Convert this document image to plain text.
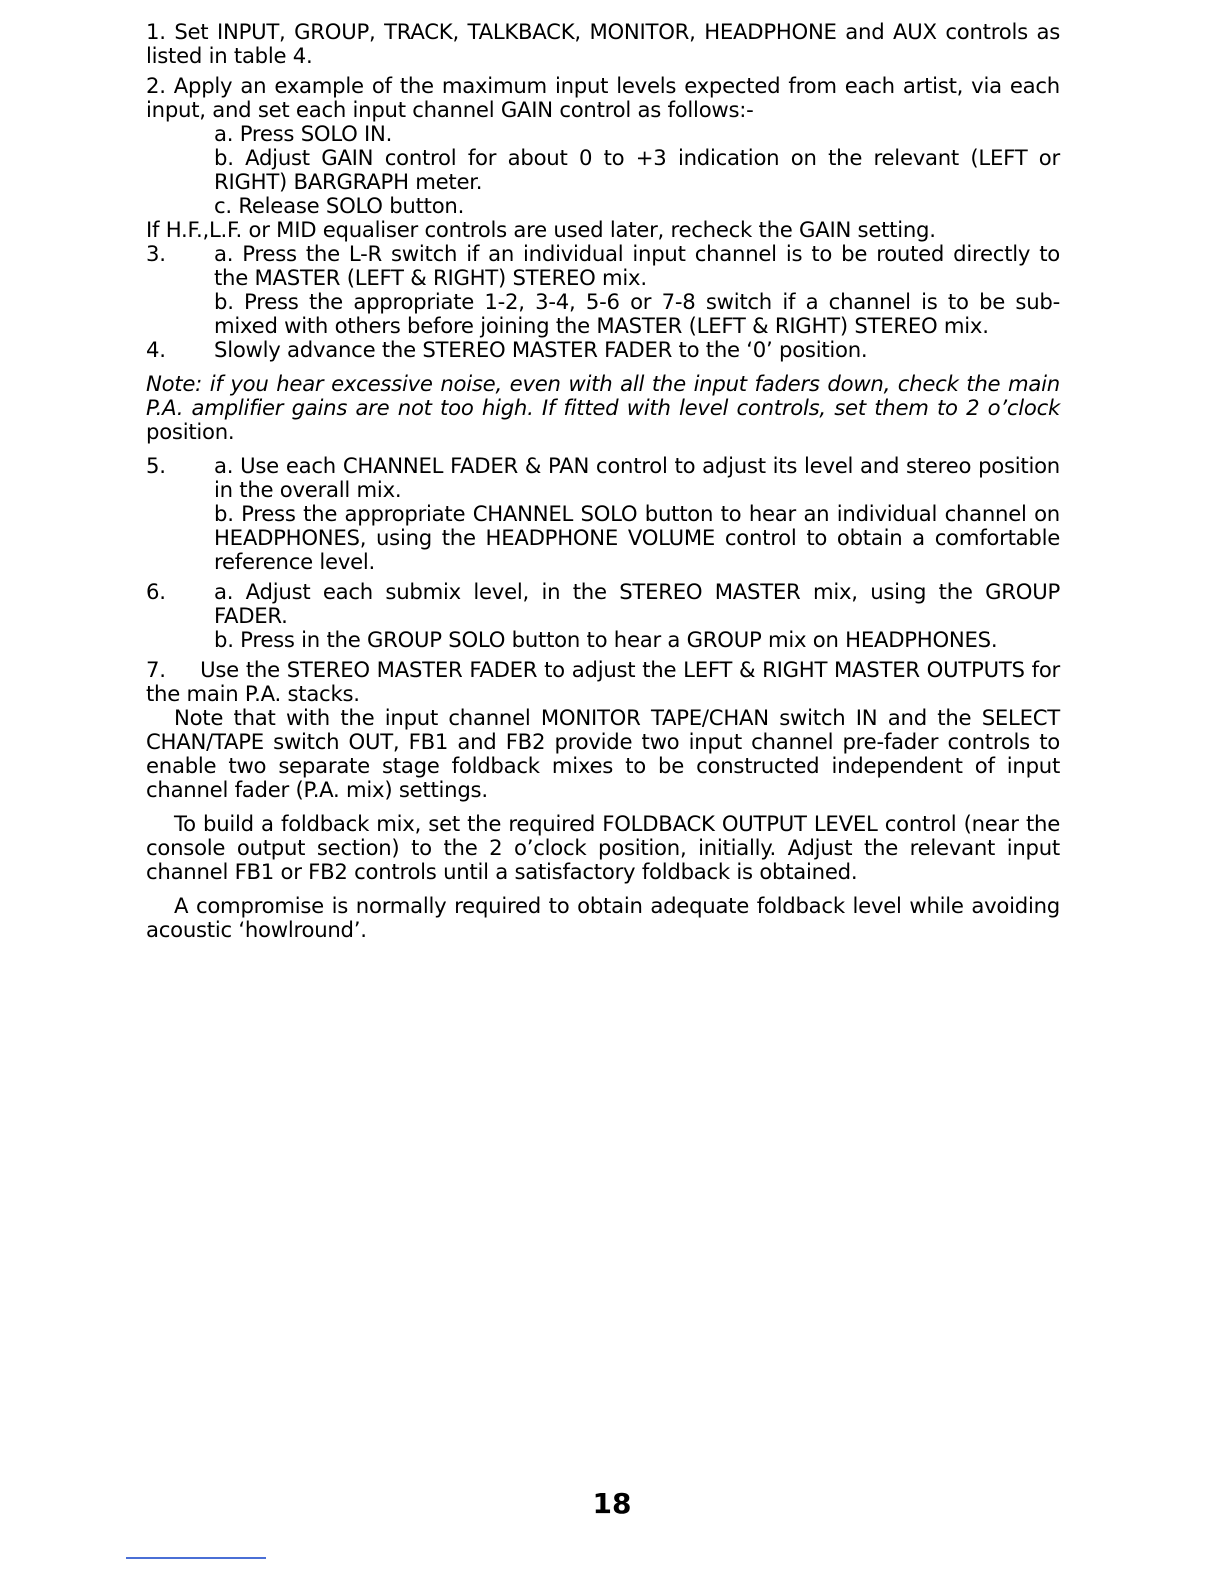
1. Set INPUT, GROUP, TRACK, TALKBACK, MONITOR, HEADPHONE and AUX controls as listed in table 4.

2. Apply an example of the maximum input levels expected from each artist, via each input, and set each input channel GAIN control as follows:-

a. Press SOLO IN.

b. Adjust GAIN control for about 0 to +3 indication on the relevant (LEFT or RIGHT) BARGRAPH meter.

c. Release SOLO button.

If H.F.,L.F. or MID equaliser controls are used later, recheck the GAIN setting.

3. a. Press the L-R switch if an individual input channel is to be routed directly to the MASTER (LEFT & RIGHT) STEREO mix.

b. Press the appropriate 1-2, 3-4, 5-6 or 7-8 switch if a channel is to be sub-mixed with others before joining the MASTER (LEFT & RIGHT) STEREO mix.

4. Slowly advance the STEREO MASTER FADER to the ‘0’ position.

Note: if you hear excessive noise, even with all the input faders down, check the main P.A. amplifier gains are not too high. If fitted with level controls, set them to 2 o’clock position.

5. a. Use each CHANNEL FADER & PAN control to adjust its level and stereo position in the overall mix.

b. Press the appropriate CHANNEL SOLO button to hear an individual channel on HEADPHONES, using the HEADPHONE VOLUME control to obtain a comfortable reference level.

6. a. Adjust each submix level, in the STEREO MASTER mix, using the GROUP FADER.

b. Press in the GROUP SOLO button to hear a GROUP mix on HEADPHONES.

7.     Use the STEREO MASTER FADER to adjust the LEFT & RIGHT MASTER OUTPUTS for the main P.A. stacks.

Note that with the input channel MONITOR TAPE/CHAN switch IN and the SELECT CHAN/TAPE switch OUT, FB1 and FB2 provide two input channel pre-fader controls to enable two separate stage foldback mixes to be constructed independent of input channel fader (P.A. mix) settings.

To build a foldback mix, set the required FOLDBACK OUTPUT LEVEL control (near the console output section) to the 2 o’clock position, initially. Adjust the relevant input channel FB1 or FB2 controls until a satisfactory foldback is obtained.

A compromise is normally required to obtain adequate foldback level while avoiding acoustic ‘howlround’.

18
